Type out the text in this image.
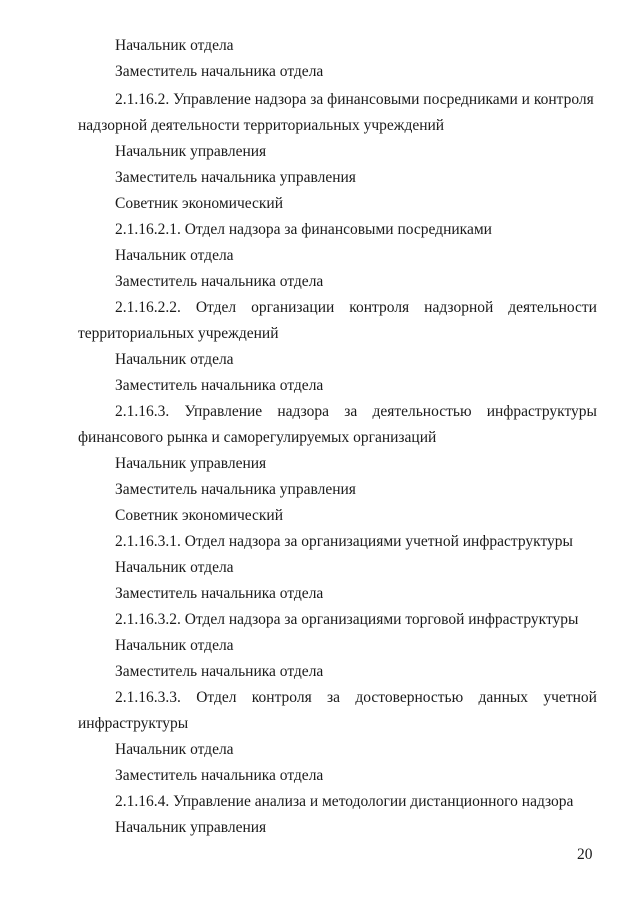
Начальник отдела
Заместитель начальника отдела
2.1.16.2. Управление надзора за финансовыми посредниками и контроля
надзорной деятельности территориальных учреждений
Начальник управления
Заместитель начальника управления
Советник экономический
2.1.16.2.1. Отдел надзора за финансовыми посредниками
Начальник отдела
Заместитель начальника отдела
2.1.16.2.2. Отдел организации контроля надзорной деятельности
территориальных учреждений
Начальник отдела
Заместитель начальника отдела
2.1.16.3. Управление надзора за деятельностью инфраструктуры
финансового рынка и саморегулируемых организаций
Начальник управления
Заместитель начальника управления
Советник экономический
2.1.16.3.1. Отдел надзора за организациями учетной инфраструктуры
Начальник отдела
Заместитель начальника отдела
2.1.16.3.2. Отдел надзора за организациями торговой инфраструктуры
Начальник отдела
Заместитель начальника отдела
2.1.16.3.3. Отдел контроля за достоверностью данных учетной
инфраструктуры
Начальник отдела
Заместитель начальника отдела
2.1.16.4. Управление анализа и методологии дистанционного надзора
Начальник управления
20
